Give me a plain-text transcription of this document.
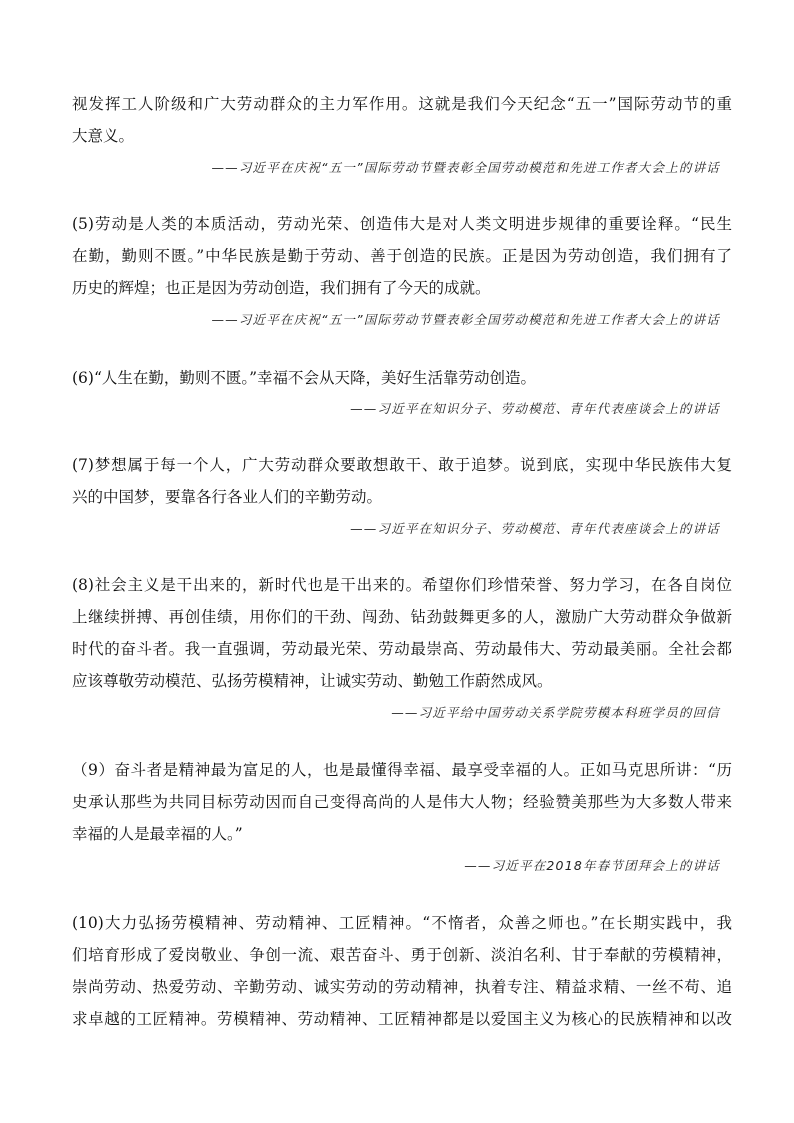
视发挥工人阶级和广大劳动群众的主力军作用。这就是我们今天纪念“五一”国际劳动节的重
大意义。
——习近平在庆祝“五一”国际劳动节暨表彰全国劳动模范和先进工作者大会上的讲话
(5)劳动是人类的本质活动，劳动光荣、创造伟大是对人类文明进步规律的重要诠释。“民生
在勤，勤则不匮。”中华民族是勤于劳动、善于创造的民族。正是因为劳动创造，我们拥有了
历史的辉煌；也正是因为劳动创造，我们拥有了今天的成就。
——习近平在庆祝“五一”国际劳动节暨表彰全国劳动模范和先进工作者大会上的讲话
(6)“人生在勤，勤则不匮。”幸福不会从天降，美好生活靠劳动创造。
——习近平在知识分子、劳动模范、青年代表座谈会上的讲话
(7)梦想属于每一个人，广大劳动群众要敢想敢干、敢于追梦。说到底，实现中华民族伟大复
兴的中国梦，要靠各行各业人们的辛勤劳动。
——习近平在知识分子、劳动模范、青年代表座谈会上的讲话
(8)社会主义是干出来的，新时代也是干出来的。希望你们珍惜荣誉、努力学习，在各自岗位
上继续拼搏、再创佳绩，用你们的干劲、闯劲、钻劲鼓舞更多的人，激励广大劳动群众争做新
时代的奋斗者。我一直强调，劳动最光荣、劳动最崇高、劳动最伟大、劳动最美丽。全社会都
应该尊敬劳动模范、弘扬劳模精神，让诚实劳动、勤勉工作蔚然成风。
——习近平给中国劳动关系学院劳模本科班学员的回信
（9）奋斗者是精神最为富足的人，也是最懂得幸福、最享受幸福的人。正如马克思所讲：“历
史承认那些为共同目标劳动因而自己变得高尚的人是伟大人物；经验赞美那些为大多数人带来
幸福的人是最幸福的人。”
——习近平在2018年春节团拜会上的讲话
(10)大力弘扬劳模精神、劳动精神、工匠精神。“不惰者，众善之师也。”在长期实践中，我
们培育形成了爱岗敬业、争创一流、艰苦奋斗、勇于创新、淡泊名利、甘于奉献的劳模精神，
崇尚劳动、热爱劳动、辛勤劳动、诚实劳动的劳动精神，执着专注、精益求精、一丝不苟、追
求卓越的工匠精神。劳模精神、劳动精神、工匠精神都是以爱国主义为核心的民族精神和以改
